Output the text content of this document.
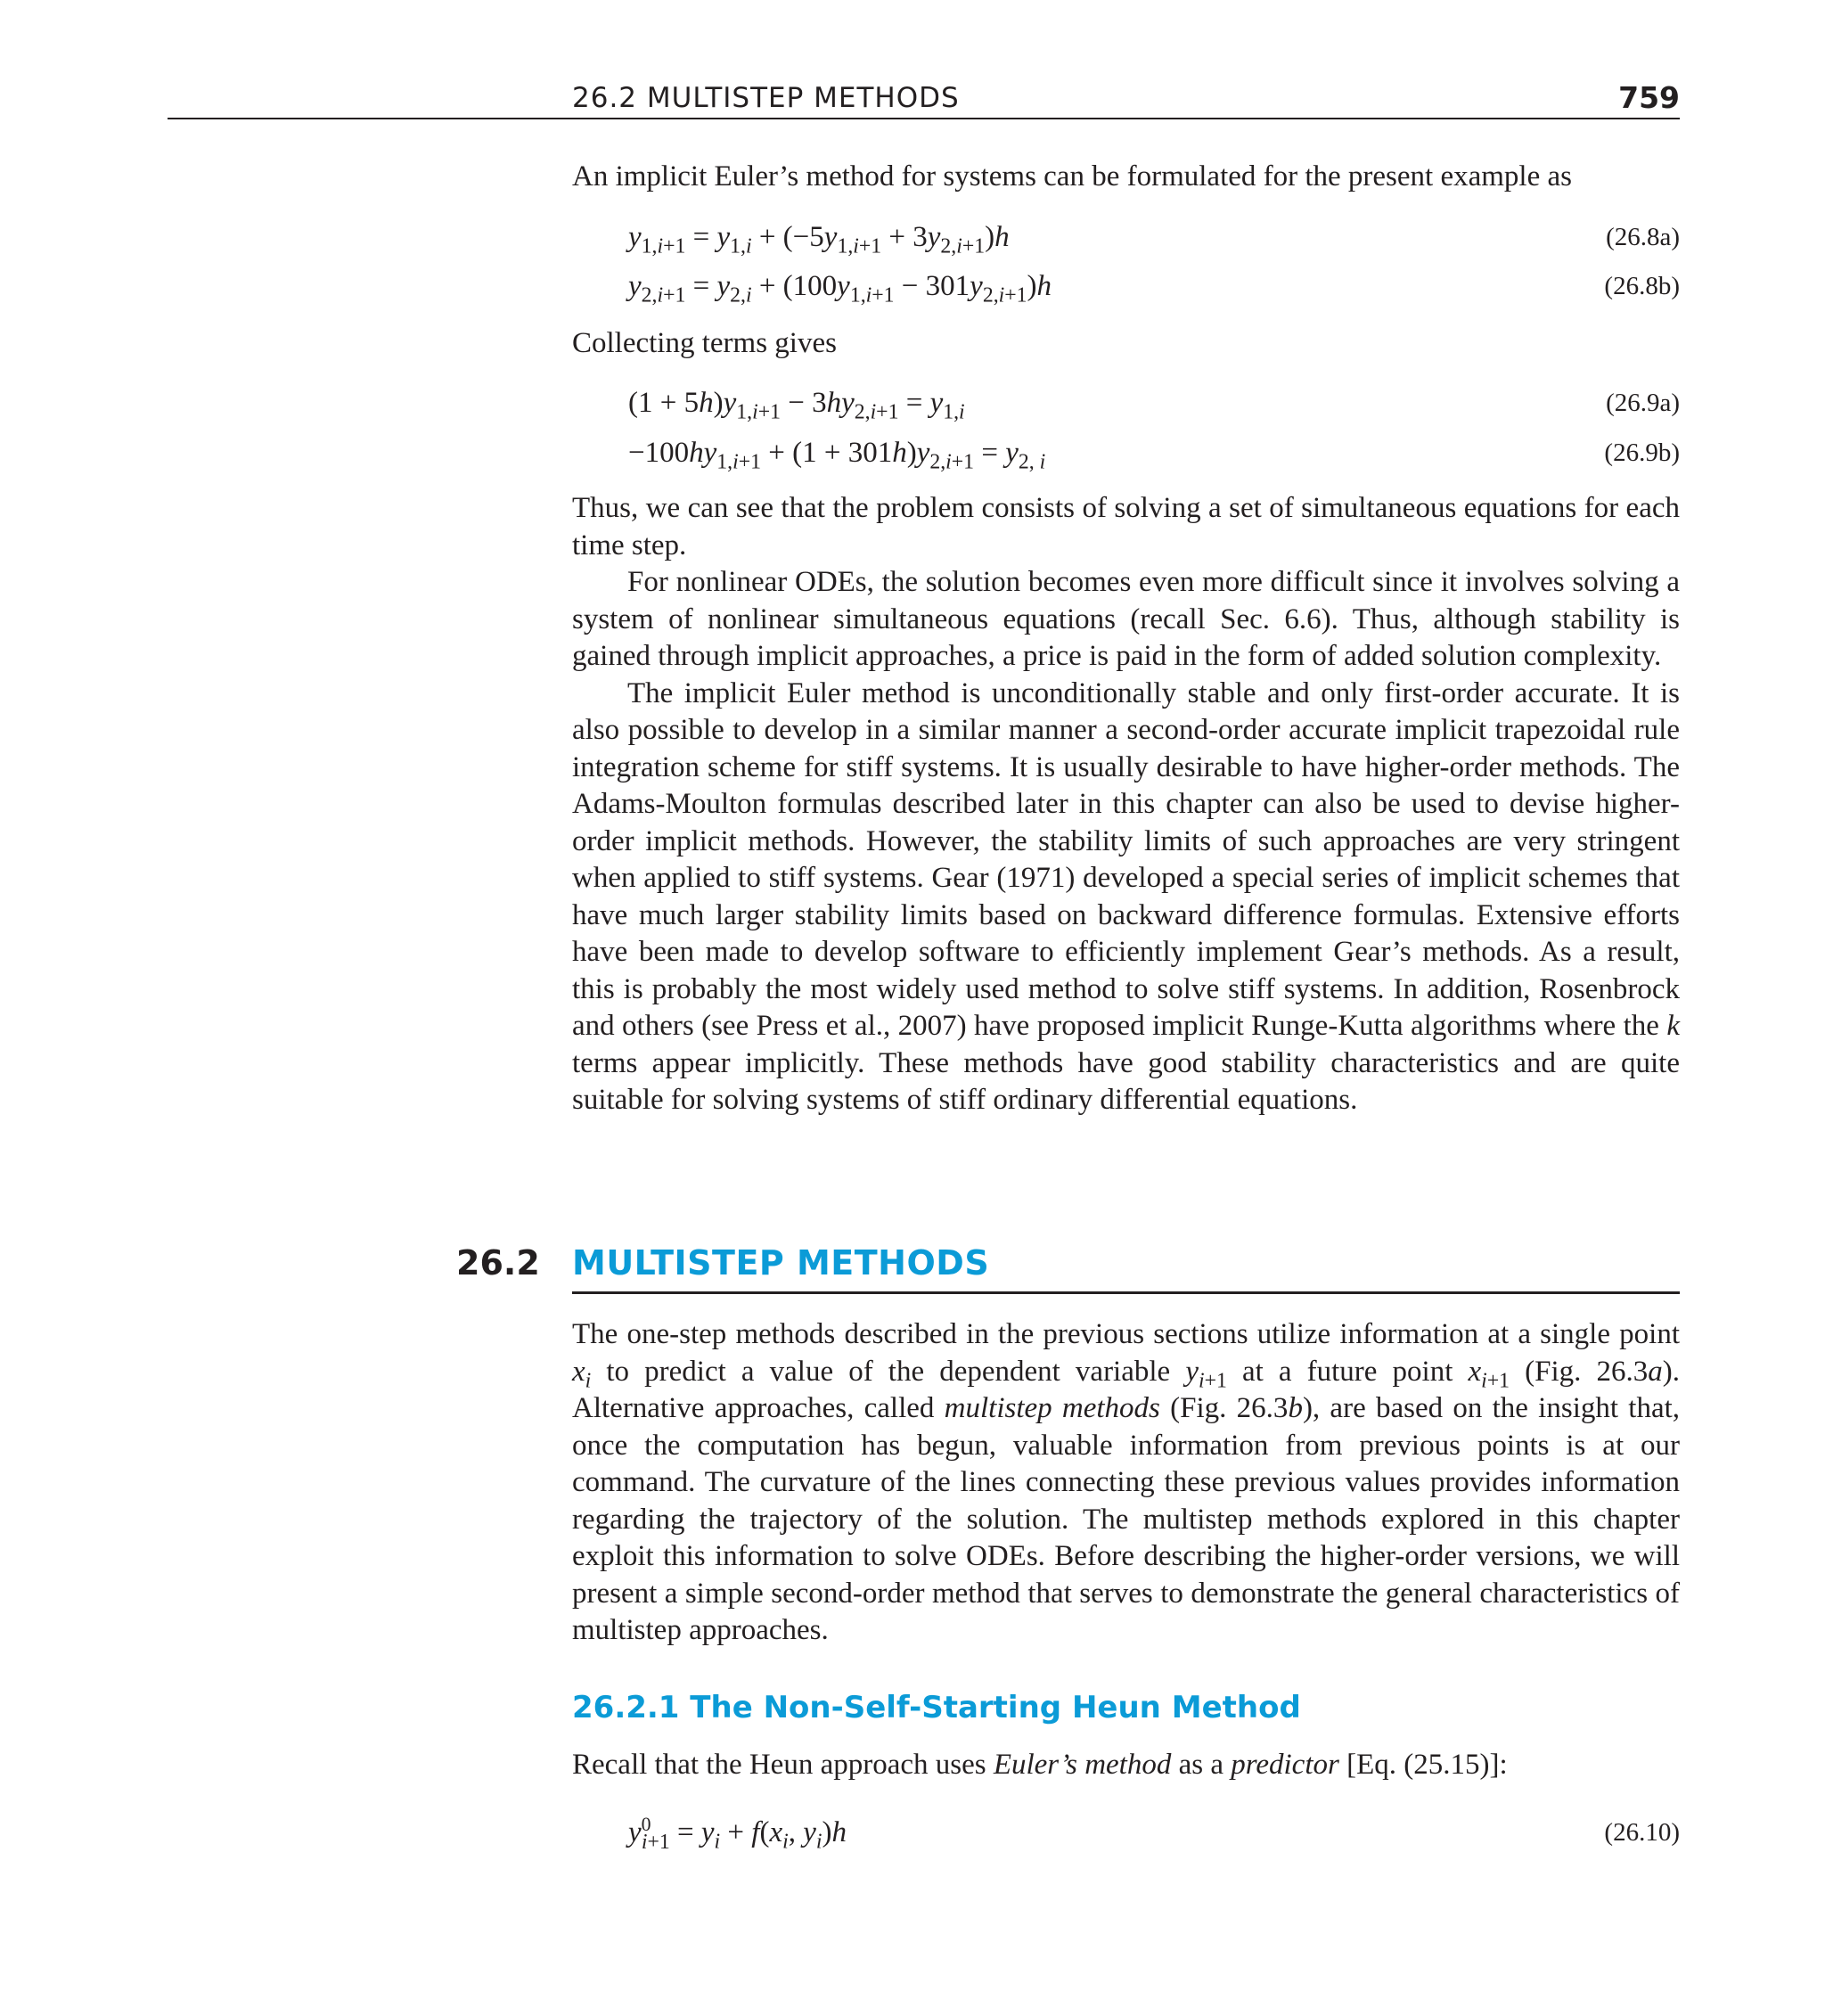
26.2 MULTISTEP METHODS	759
An implicit Euler’s method for systems can be formulated for the present example as
$y_{1,i+1} = y_{1,i} + (-5y_{1,i+1} + 3y_{2,i+1})h$	(26.8a)
$y_{2,i+1} = y_{2,i} + (100y_{1,i+1} - 301y_{2,i+1})h$	(26.8b)
Collecting terms gives
$(1 + 5h)y_{1,i+1} - 3hy_{2,i+1} = y_{1,i}$	(26.9a)
$-100hy_{1,i+1} + (1 + 301h)y_{2,i+1} = y_{2, i}$	(26.9b)

Thus, we can see that the problem consists of solving a set of simultaneous equations for each time step.

For nonlinear ODEs, the solution becomes even more difficult since it involves solving a system of nonlinear simultaneous equations (recall Sec. 6.6). Thus, although stability is gained through implicit approaches, a price is paid in the form of added solution complexity.

The implicit Euler method is unconditionally stable and only first-order accurate. It is also possible to develop in a similar manner a second-order accurate implicit trapezoidal rule integration scheme for stiff systems. It is usually desirable to have higher-order methods. The Adams-Moulton formulas described later in this chapter can also be used to devise higher-order implicit methods. However, the stability limits of such approaches are very stringent when applied to stiff systems. Gear (1971) developed a special series of implicit schemes that have much larger stability limits based on backward difference formulas. Extensive efforts have been made to develop software to efficiently implement Gear’s methods. As a result, this is probably the most widely used method to solve stiff systems. In addition, Rosenbrock and others (see Press et al., 2007) have proposed implicit Runge-Kutta algorithms where the k terms appear implicitly. These methods have good stability characteristics and are quite suitable for solving systems of stiff ordinary differential equations.

26.2 MULTISTEP METHODS

The one-step methods described in the previous sections utilize information at a single point $x_i$ to predict a value of the dependent variable $y_{i+1}$ at a future point $x_{i+1}$ (Fig. 26.3a). Alternative approaches, called multistep methods (Fig. 26.3b), are based on the insight that, once the computation has begun, valuable information from previous points is at our command. The curvature of the lines connecting these previous values provides information regarding the trajectory of the solution. The multistep methods explored in this chapter exploit this information to solve ODEs. Before describing the higher-order versions, we will present a simple second-order method that serves to demonstrate the general characteristics of multistep approaches.

26.2.1 The Non-Self-Starting Heun Method
Recall that the Heun approach uses Euler’s method as a predictor [Eq. (25.15)]:
$y^0_{i+1} = y_i + f(x_i$, $y_i)h$	(26.10)
